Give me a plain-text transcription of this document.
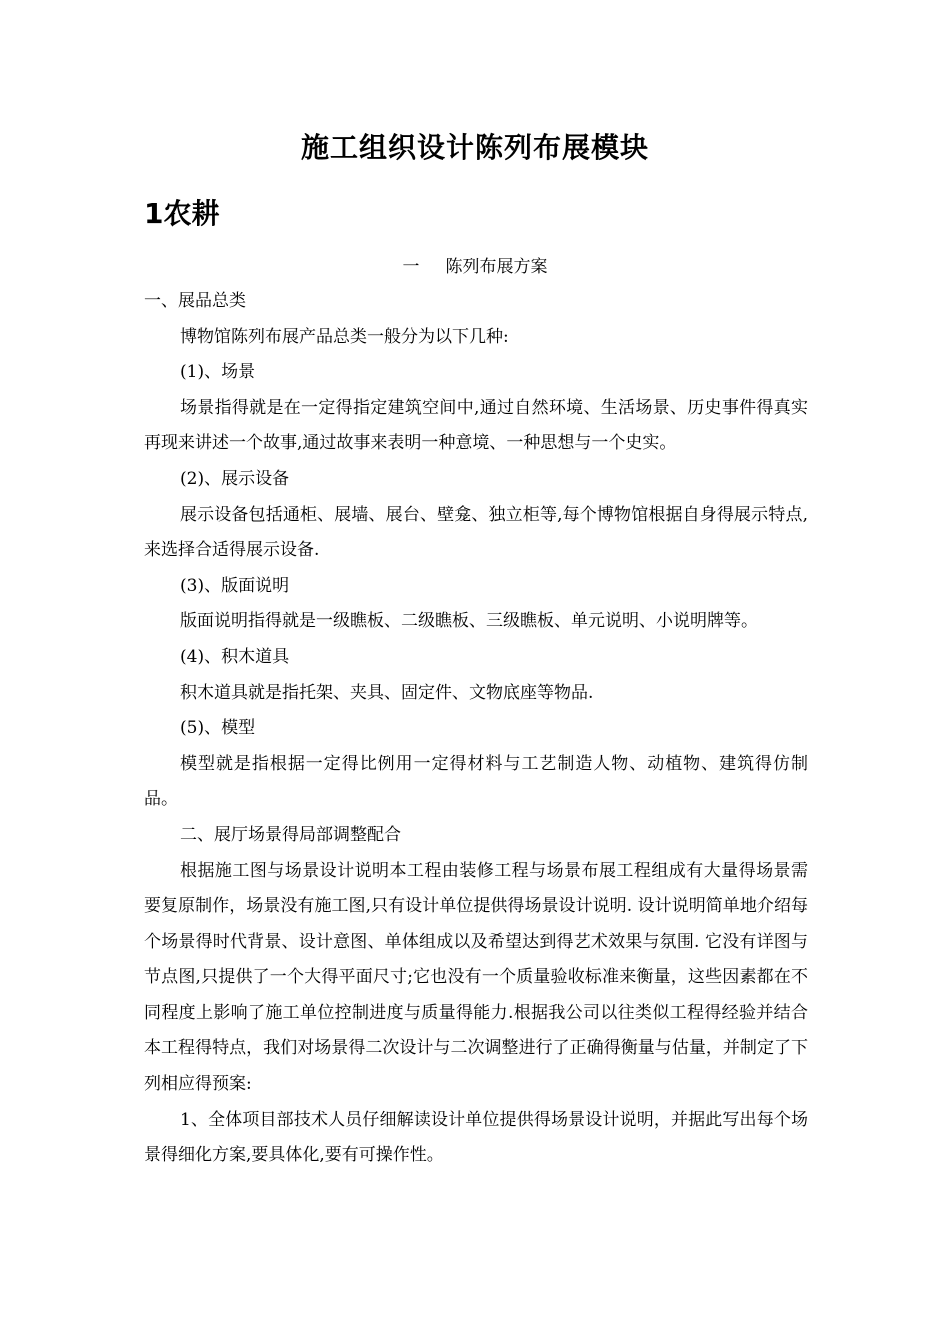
施工组织设计陈列布展模块
1农耕
一 陈列布展方案

一、展品总类

博物馆陈列布展产品总类一般分为以下几种:

(1)、场景

场景指得就是在一定得指定建筑空间中,通过自然环境、生活场景、历史事件得真实再现来讲述一个故事,通过故事来表明一种意境、一种思想与一个史实。

(2)、展示设备

展示设备包括通柜、展墙、展台、壁龛、独立柜等,每个博物馆根据自身得展示特点,来选择合适得展示设备.

(3)、版面说明

版面说明指得就是一级瞧板、二级瞧板、三级瞧板、单元说明、小说明牌等。

(4)、积木道具

积木道具就是指托架、夹具、固定件、文物底座等物品.

(5)、模型

模型就是指根据一定得比例用一定得材料与工艺制造人物、动植物、建筑得仿制品。

二、展厅场景得局部调整配合

根据施工图与场景设计说明本工程由装修工程与场景布展工程组成有大量得场景需要复原制作，场景没有施工图,只有设计单位提供得场景设计说明. 设计说明简单地介绍每个场景得时代背景、设计意图、单体组成以及希望达到得艺术效果与氛围. 它没有详图与节点图,只提供了一个大得平面尺寸;它也没有一个质量验收标准来衡量，这些因素都在不同程度上影响了施工单位控制进度与质量得能力.根据我公司以往类似工程得经验并结合本工程得特点，我们对场景得二次设计与二次调整进行了正确得衡量与估量，并制定了下列相应得预案:

1、全体项目部技术人员仔细解读设计单位提供得场景设计说明，并据此写出每个场景得细化方案,要具体化,要有可操作性。
